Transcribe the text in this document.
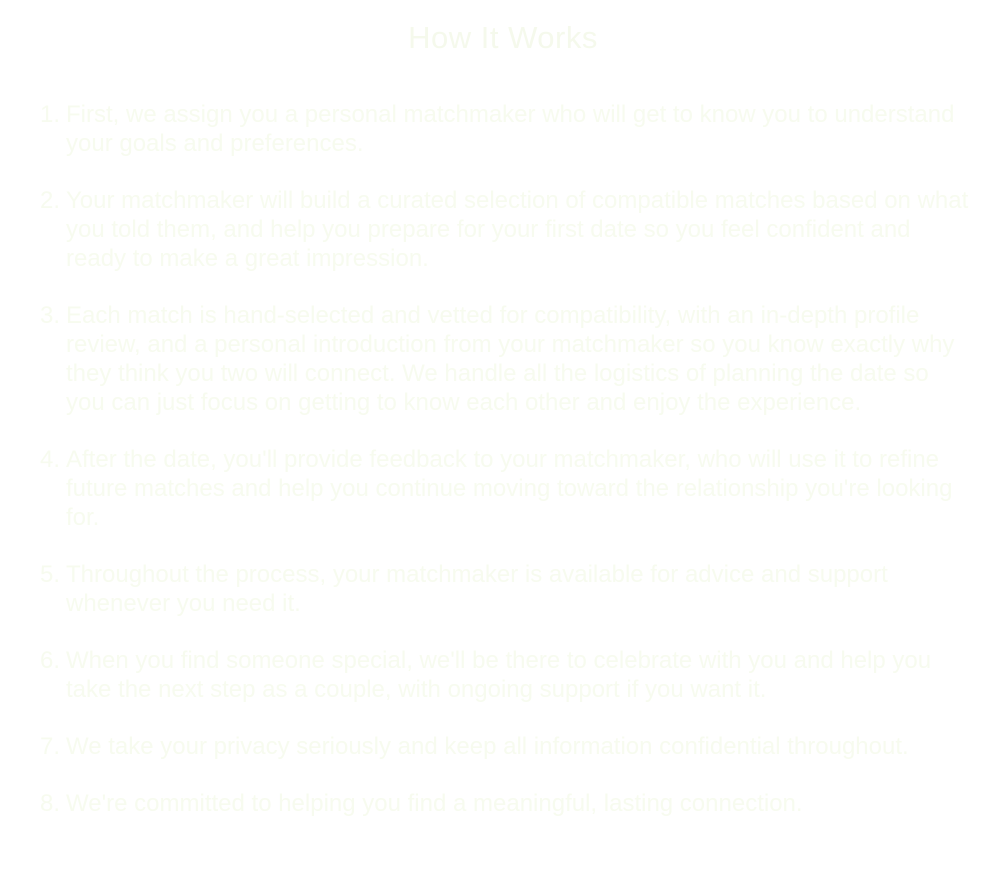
How It Works
1. First, we assign you a personal matchmaker who will get to know you to understand your goals and preferences.
2. Your matchmaker will build a curated selection of compatible matches based on what you told them, and help you prepare for your first date so you feel confident and ready to make a great impression.
3. Each match is hand-selected and vetted for compatibility, with an in-depth profile review, and a personal introduction from your matchmaker so you know exactly why they think you two will connect. We handle all the logistics of planning the date so you can just focus on getting to know each other and enjoy the experience.
4. After the date, you'll provide feedback to your matchmaker, who will use it to refine future matches and help you continue moving toward the relationship you're looking for.
5. Throughout the process, your matchmaker is available for advice and support whenever you need it.
6. When you find someone special, we'll be there to celebrate with you and help you take the next step as a couple, with ongoing support if you want it.
7. We take your privacy seriously and keep all information confidential throughout.
8. We're committed to helping you find a meaningful, lasting connection.
